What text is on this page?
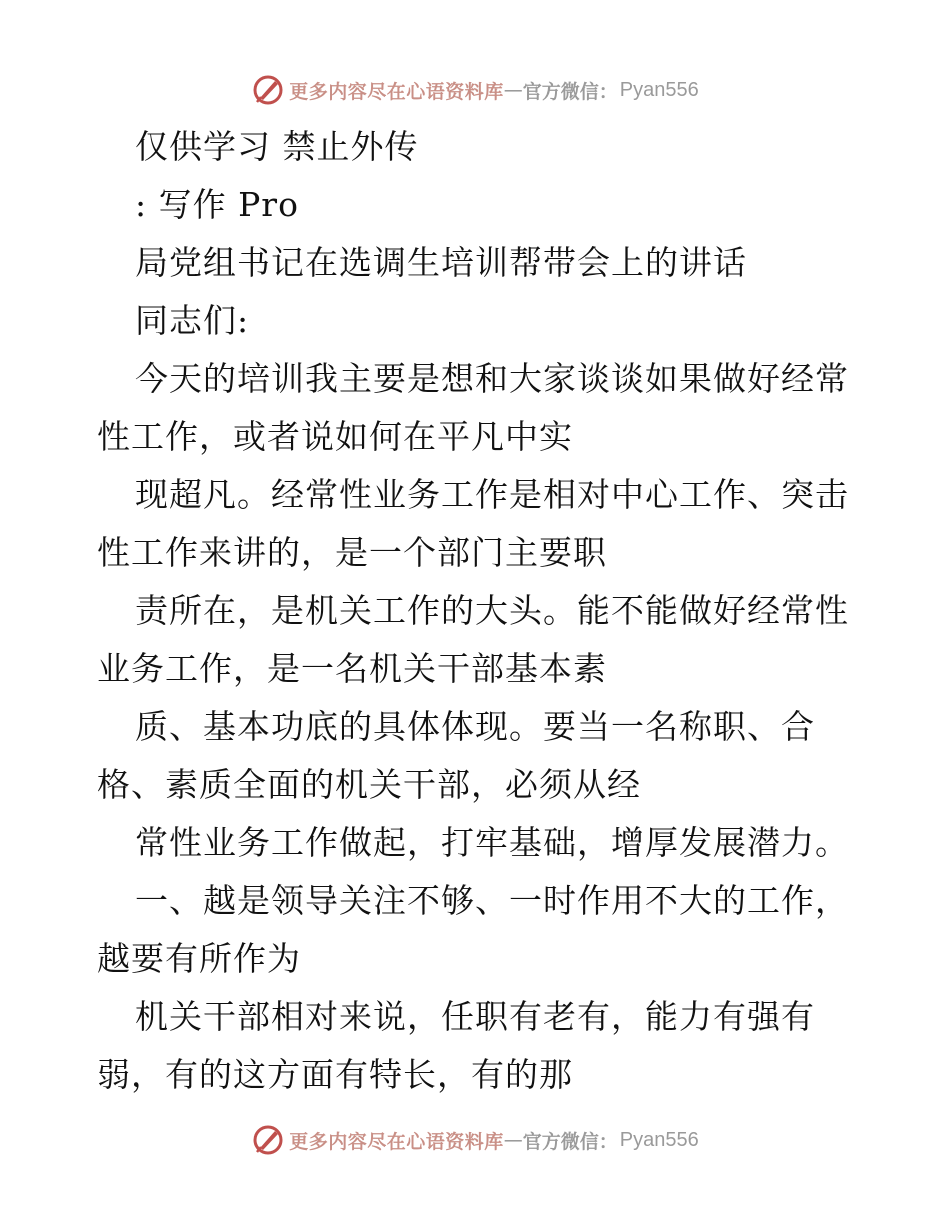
更多内容尽在心语资料库 — 官方微信： Pyan556
仅供学习 禁止外传
: 写作 Pro
局党组书记在选调生培训帮带会上的讲话
同志们:
今天的培训我主要是想和大家谈谈如果做好经常
性工作，或者说如何在平凡中实
现超凡。经常性业务工作是相对中心工作、突击
性工作来讲的，是一个部门主要职
责所在，是机关工作的大头。能不能做好经常性
业务工作，是一名机关干部基本素
质、基本功底的具体体现。要当一名称职、合
格、素质全面的机关干部，必须从经
常性业务工作做起，打牢基础，增厚发展潜力。
一、越是领导关注不够、一时作用不大的工作，
越要有所作为
机关干部相对来说，任职有老有，能力有强有
弱，有的这方面有特长，有的那
更多内容尽在心语资料库 — 官方微信： Pyan556
